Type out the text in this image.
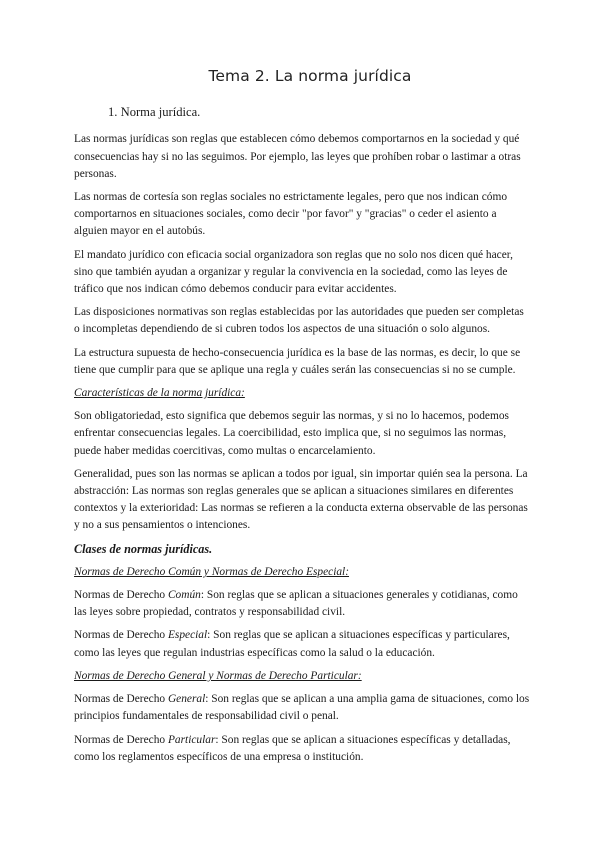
Tema 2. La norma jurídica
1. Norma jurídica.

Las normas jurídicas son reglas que establecen cómo debemos comportarnos en la sociedad y qué consecuencias hay si no las seguimos. Por ejemplo, las leyes que prohíben robar o lastimar a otras personas.

Las normas de cortesía son reglas sociales no estrictamente legales, pero que nos indican cómo comportarnos en situaciones sociales, como decir "por favor" y "gracias" o ceder el asiento a alguien mayor en el autobús.

El mandato jurídico con eficacia social organizadora son reglas que no solo nos dicen qué hacer, sino que también ayudan a organizar y regular la convivencia en la sociedad, como las leyes de tráfico que nos indican cómo debemos conducir para evitar accidentes.

Las disposiciones normativas son reglas establecidas por las autoridades que pueden ser completas o incompletas dependiendo de si cubren todos los aspectos de una situación o solo algunos.

La estructura supuesta de hecho-consecuencia jurídica es la base de las normas, es decir, lo que se tiene que cumplir para que se aplique una regla y cuáles serán las consecuencias si no se cumple.

Características de la norma jurídica:

Son obligatoriedad, esto significa que debemos seguir las normas, y si no lo hacemos, podemos enfrentar consecuencias legales. La coercibilidad, esto implica que, si no seguimos las normas, puede haber medidas coercitivas, como multas o encarcelamiento.

Generalidad, pues son las normas se aplican a todos por igual, sin importar quién sea la persona. La abstracción: Las normas son reglas generales que se aplican a situaciones similares en diferentes contextos y la exterioridad: Las normas se refieren a la conducta externa observable de las personas y no a sus pensamientos o intenciones.

Clases de normas jurídicas.
Normas de Derecho Común y Normas de Derecho Especial:

Normas de Derecho Común: Son reglas que se aplican a situaciones generales y cotidianas, como las leyes sobre propiedad, contratos y responsabilidad civil.

Normas de Derecho Especial: Son reglas que se aplican a situaciones específicas y particulares, como las leyes que regulan industrias específicas como la salud o la educación.

Normas de Derecho General y Normas de Derecho Particular:

Normas de Derecho General: Son reglas que se aplican a una amplia gama de situaciones, como los principios fundamentales de responsabilidad civil o penal.

Normas de Derecho Particular: Son reglas que se aplican a situaciones específicas y detalladas, como los reglamentos específicos de una empresa o institución.
